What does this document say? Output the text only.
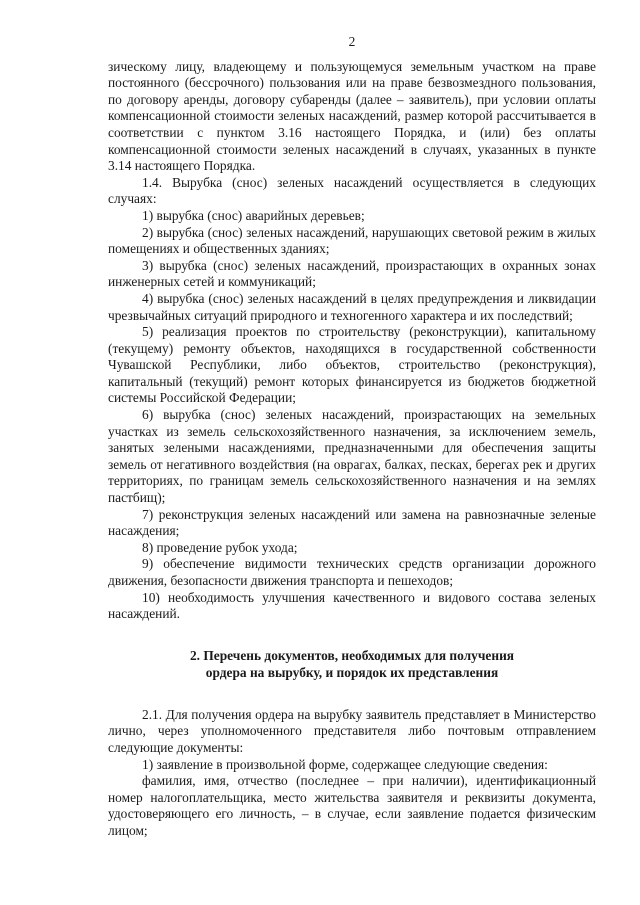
2

зическому лицу, владеющему и пользующемуся земельным участком на праве постоянного (бессрочного) пользования или на праве безвозмездного пользования, по договору аренды, договору субаренды (далее – заявитель), при условии оплаты компенсационной стоимости зеленых насаждений, размер которой рассчитывается в соответствии с пунктом 3.16 настоящего Порядка, и (или) без оплаты компенсационной стоимости зеленых насаждений в случаях, указанных в пункте 3.14 настоящего Порядка.

1.4. Вырубка (снос) зеленых насаждений осуществляется в следующих случаях:

1) вырубка (снос) аварийных деревьев;

2) вырубка (снос) зеленых насаждений, нарушающих световой режим в жилых помещениях и общественных зданиях;

3) вырубка (снос) зеленых насаждений, произрастающих в охранных зонах инженерных сетей и коммуникаций;

4) вырубка (снос) зеленых насаждений в целях предупреждения и ликвидации чрезвычайных ситуаций природного и техногенного характера и их последствий;

5) реализация проектов по строительству (реконструкции), капитальному (текущему) ремонту объектов, находящихся в государственной собственности Чувашской Республики, либо объектов, строительство (реконструкция), капитальный (текущий) ремонт которых финансируется из бюджетов бюджетной системы Российской Федерации;

6) вырубка (снос) зеленых насаждений, произрастающих на земельных участках из земель сельскохозяйственного назначения, за исключением земель, занятых зелеными насаждениями, предназначенными для обеспечения защиты земель от негативного воздействия (на оврагах, балках, песках, берегах рек и других территориях, по границам земель сельскохозяйственного назначения и на землях пастбищ);

7) реконструкция зеленых насаждений или замена на равнозначные зеленые насаждения;

8) проведение рубок ухода;

9) обеспечение видимости технических средств организации дорожного движения, безопасности движения транспорта и пешеходов;

10) необходимость улучшения качественного и видового состава зеленых насаждений.

2. Перечень документов, необходимых для получения
ордера на вырубку, и порядок их представления

2.1. Для получения ордера на вырубку заявитель представляет в Министерство лично, через уполномоченного представителя либо почтовым отправлением следующие документы:

1) заявление в произвольной форме, содержащее следующие сведения:

фамилия, имя, отчество (последнее – при наличии), идентификационный номер налогоплательщика, место жительства заявителя и реквизиты документа, удостоверяющего его личность, – в случае, если заявление подается физическим лицом;
